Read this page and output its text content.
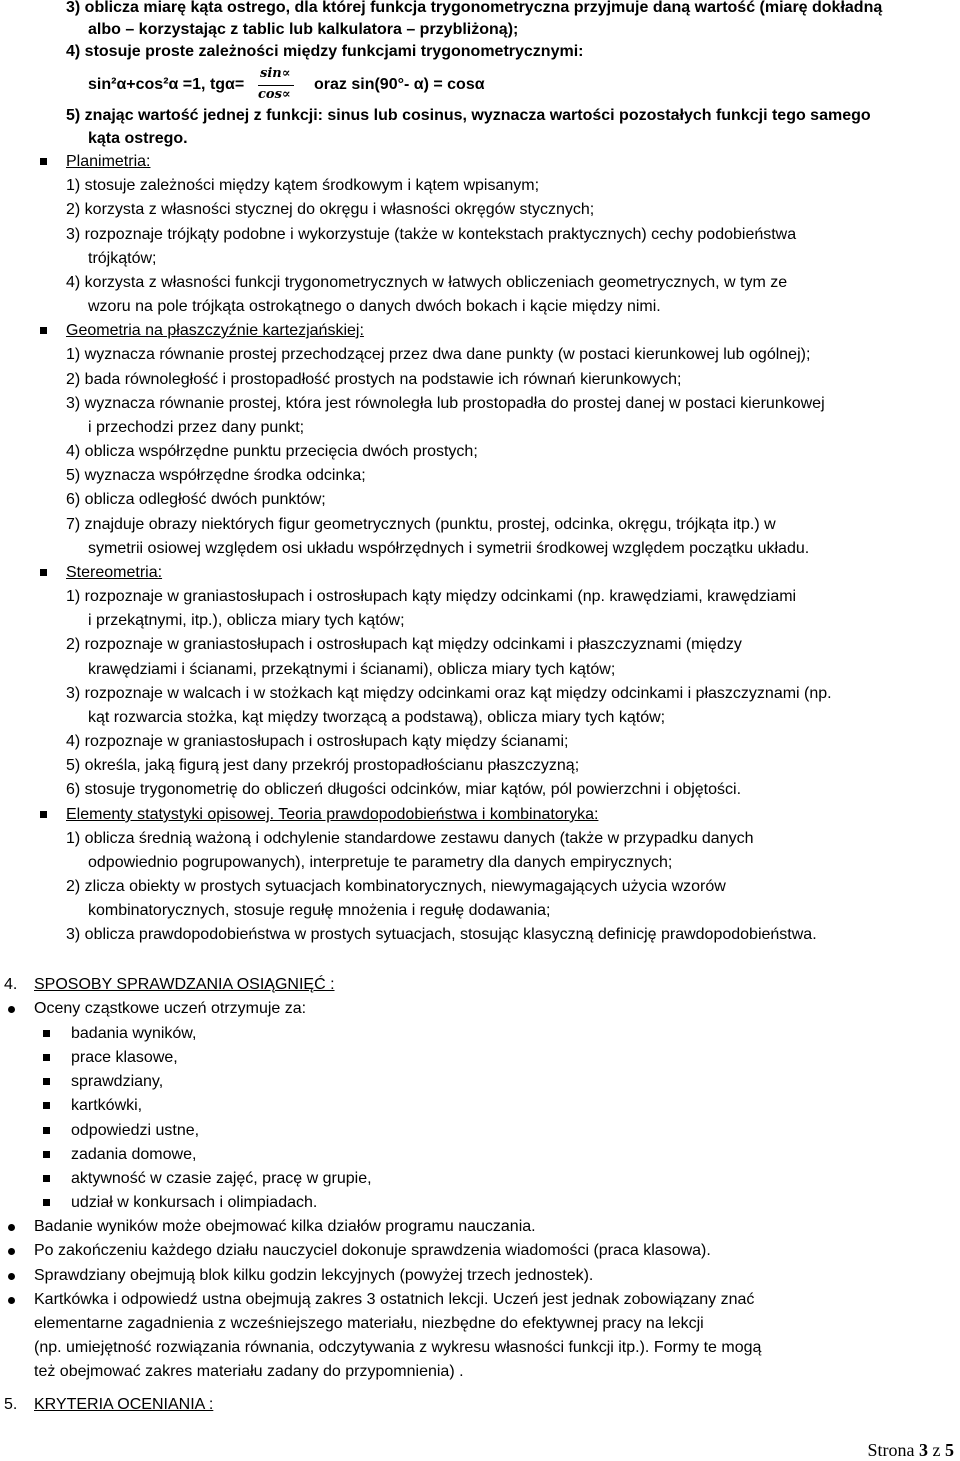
3) oblicza miarę kąta ostrego, dla której funkcja trygonometryczna przyjmuje daną wartość (miarę dokładną
albo – korzystając z tablic lub kalkulatora – przybliżoną);
4) stosuje proste zależności między funkcjami trygonometrycznymi:
sin²α+cos²α =1, tgα=
sin∝
cos∝
oraz sin(90°- α) = cosα
5) znając wartość jednej z funkcji: sinus lub cosinus, wyznacza wartości pozostałych funkcji tego samego
kąta ostrego.
Planimetria:
1) stosuje zależności między kątem środkowym i kątem wpisanym;
2) korzysta z własności stycznej do okręgu i własności okręgów stycznych;
3) rozpoznaje trójkąty podobne i wykorzystuje (także w kontekstach praktycznych) cechy podobieństwa
trójkątów;
4) korzysta z własności funkcji trygonometrycznych w łatwych obliczeniach geometrycznych, w tym ze
wzoru na pole trójkąta ostrokątnego o danych dwóch bokach i kącie między nimi.
Geometria na płaszczyźnie kartezjańskiej:
1) wyznacza równanie prostej przechodzącej przez dwa dane punkty (w postaci kierunkowej lub ogólnej);
2) bada równoległość i prostopadłość prostych na podstawie ich równań kierunkowych;
3) wyznacza równanie prostej, która jest równoległa lub prostopadła do prostej danej w postaci kierunkowej
i przechodzi przez dany punkt;
4) oblicza współrzędne punktu przecięcia dwóch prostych;
5) wyznacza współrzędne środka odcinka;
6) oblicza odległość dwóch punktów;
7) znajduje obrazy niektórych figur geometrycznych (punktu, prostej, odcinka, okręgu, trójkąta itp.) w
symetrii osiowej względem osi układu współrzędnych i symetrii środkowej względem początku układu.
Stereometria:
1) rozpoznaje w graniastosłupach i ostrosłupach kąty między odcinkami (np. krawędziami, krawędziami
i przekątnymi, itp.), oblicza miary tych kątów;
2) rozpoznaje w graniastosłupach i ostrosłupach kąt między odcinkami i płaszczyznami (między
krawędziami i ścianami, przekątnymi i ścianami), oblicza miary tych kątów;
3) rozpoznaje w walcach i w stożkach kąt między odcinkami oraz kąt między odcinkami i płaszczyznami (np.
kąt rozwarcia stożka, kąt między tworzącą a podstawą), oblicza miary tych kątów;
4) rozpoznaje w graniastosłupach i ostrosłupach kąty między ścianami;
5) określa, jaką figurą jest dany przekrój prostopadłościanu płaszczyzną;
6) stosuje trygonometrię do obliczeń długości odcinków, miar kątów, pól powierzchni i objętości.
Elementy statystyki opisowej. Teoria prawdopodobieństwa i kombinatoryka:
1) oblicza średnią ważoną i odchylenie standardowe zestawu danych (także w przypadku danych
odpowiednio pogrupowanych), interpretuje te parametry dla danych empirycznych;
2) zlicza obiekty w prostych sytuacjach kombinatorycznych, niewymagających użycia wzorów
kombinatorycznych, stosuje regułę mnożenia i regułę dodawania;
3) oblicza prawdopodobieństwa w prostych sytuacjach, stosując klasyczną definicję prawdopodobieństwa.
4. SPOSOBY SPRAWDZANIA OSIĄGNIĘĆ :
Oceny cząstkowe uczeń otrzymuje za:
badania wyników,
prace klasowe,
sprawdziany,
kartkówki,
odpowiedzi ustne,
zadania domowe,
aktywność w czasie zajęć, pracę w grupie,
udział w konkursach i olimpiadach.
Badanie wyników może obejmować kilka działów programu nauczania.
Po zakończeniu każdego działu nauczyciel dokonuje sprawdzenia wiadomości (praca klasowa).
Sprawdziany obejmują blok kilku godzin lekcyjnych (powyżej trzech jednostek).
Kartkówka i odpowiedź ustna obejmują zakres 3 ostatnich lekcji. Uczeń jest jednak zobowiązany znać
elementarne zagadnienia z wcześniejszego materiału, niezbędne do efektywnej pracy na lekcji
(np. umiejętność rozwiązania równania, odczytywania z wykresu własności funkcji itp.). Formy te mogą
też obejmować zakres materiału zadany do przypomnienia) .
5. KRYTERIA OCENIANIA :
Strona 3 z 5
